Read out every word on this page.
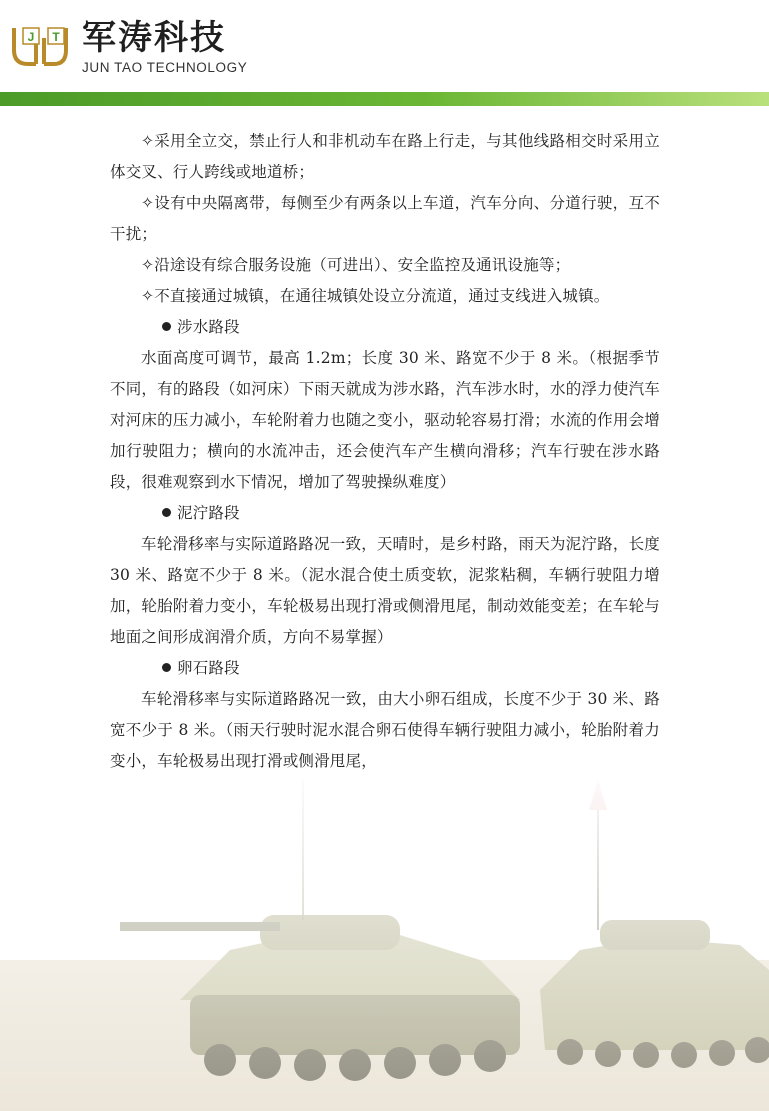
J T 军涛科技
JUN TAO TECHNOLOGY

✧采用全立交，禁止行人和非机动车在路上行走，与其他线路相交时采用立体交叉、行人跨线或地道桥；

✧设有中央隔离带，每侧至少有两条以上车道，汽车分向、分道行驶，互不干扰；

✧沿途设有综合服务设施（可进出）、安全监控及通讯设施等；

✧不直接通过城镇，在通往城镇处设立分流道，通过支线进入城镇。

涉水路段

水面高度可调节，最高 1.2m；长度 30 米、路宽不少于 8 米。（根据季节不同，有的路段（如河床）下雨天就成为涉水路，汽车涉水时，水的浮力使汽车对河床的压力减小，车轮附着力也随之变小，驱动轮容易打滑；水流的作用会增加行驶阻力；横向的水流冲击，还会使汽车产生横向滑移；汽车行驶在涉水路段，很难观察到水下情况，增加了驾驶操纵难度）

泥泞路段

车轮滑移率与实际道路路况一致，天晴时，是乡村路，雨天为泥泞路，长度 30 米、路宽不少于 8 米。（泥水混合使土质变软，泥浆粘稠，车辆行驶阻力增加，轮胎附着力变小，车轮极易出现打滑或侧滑甩尾，制动效能变差；在车轮与地面之间形成润滑介质，方向不易掌握）

卵石路段

车轮滑移率与实际道路路况一致，由大小卵石组成，长度不少于 30 米、路宽不少于 8 米。（雨天行驶时泥水混合卵石使得车辆行驶阻力减小，轮胎附着力变小，车轮极易出现打滑或侧滑甩尾，
